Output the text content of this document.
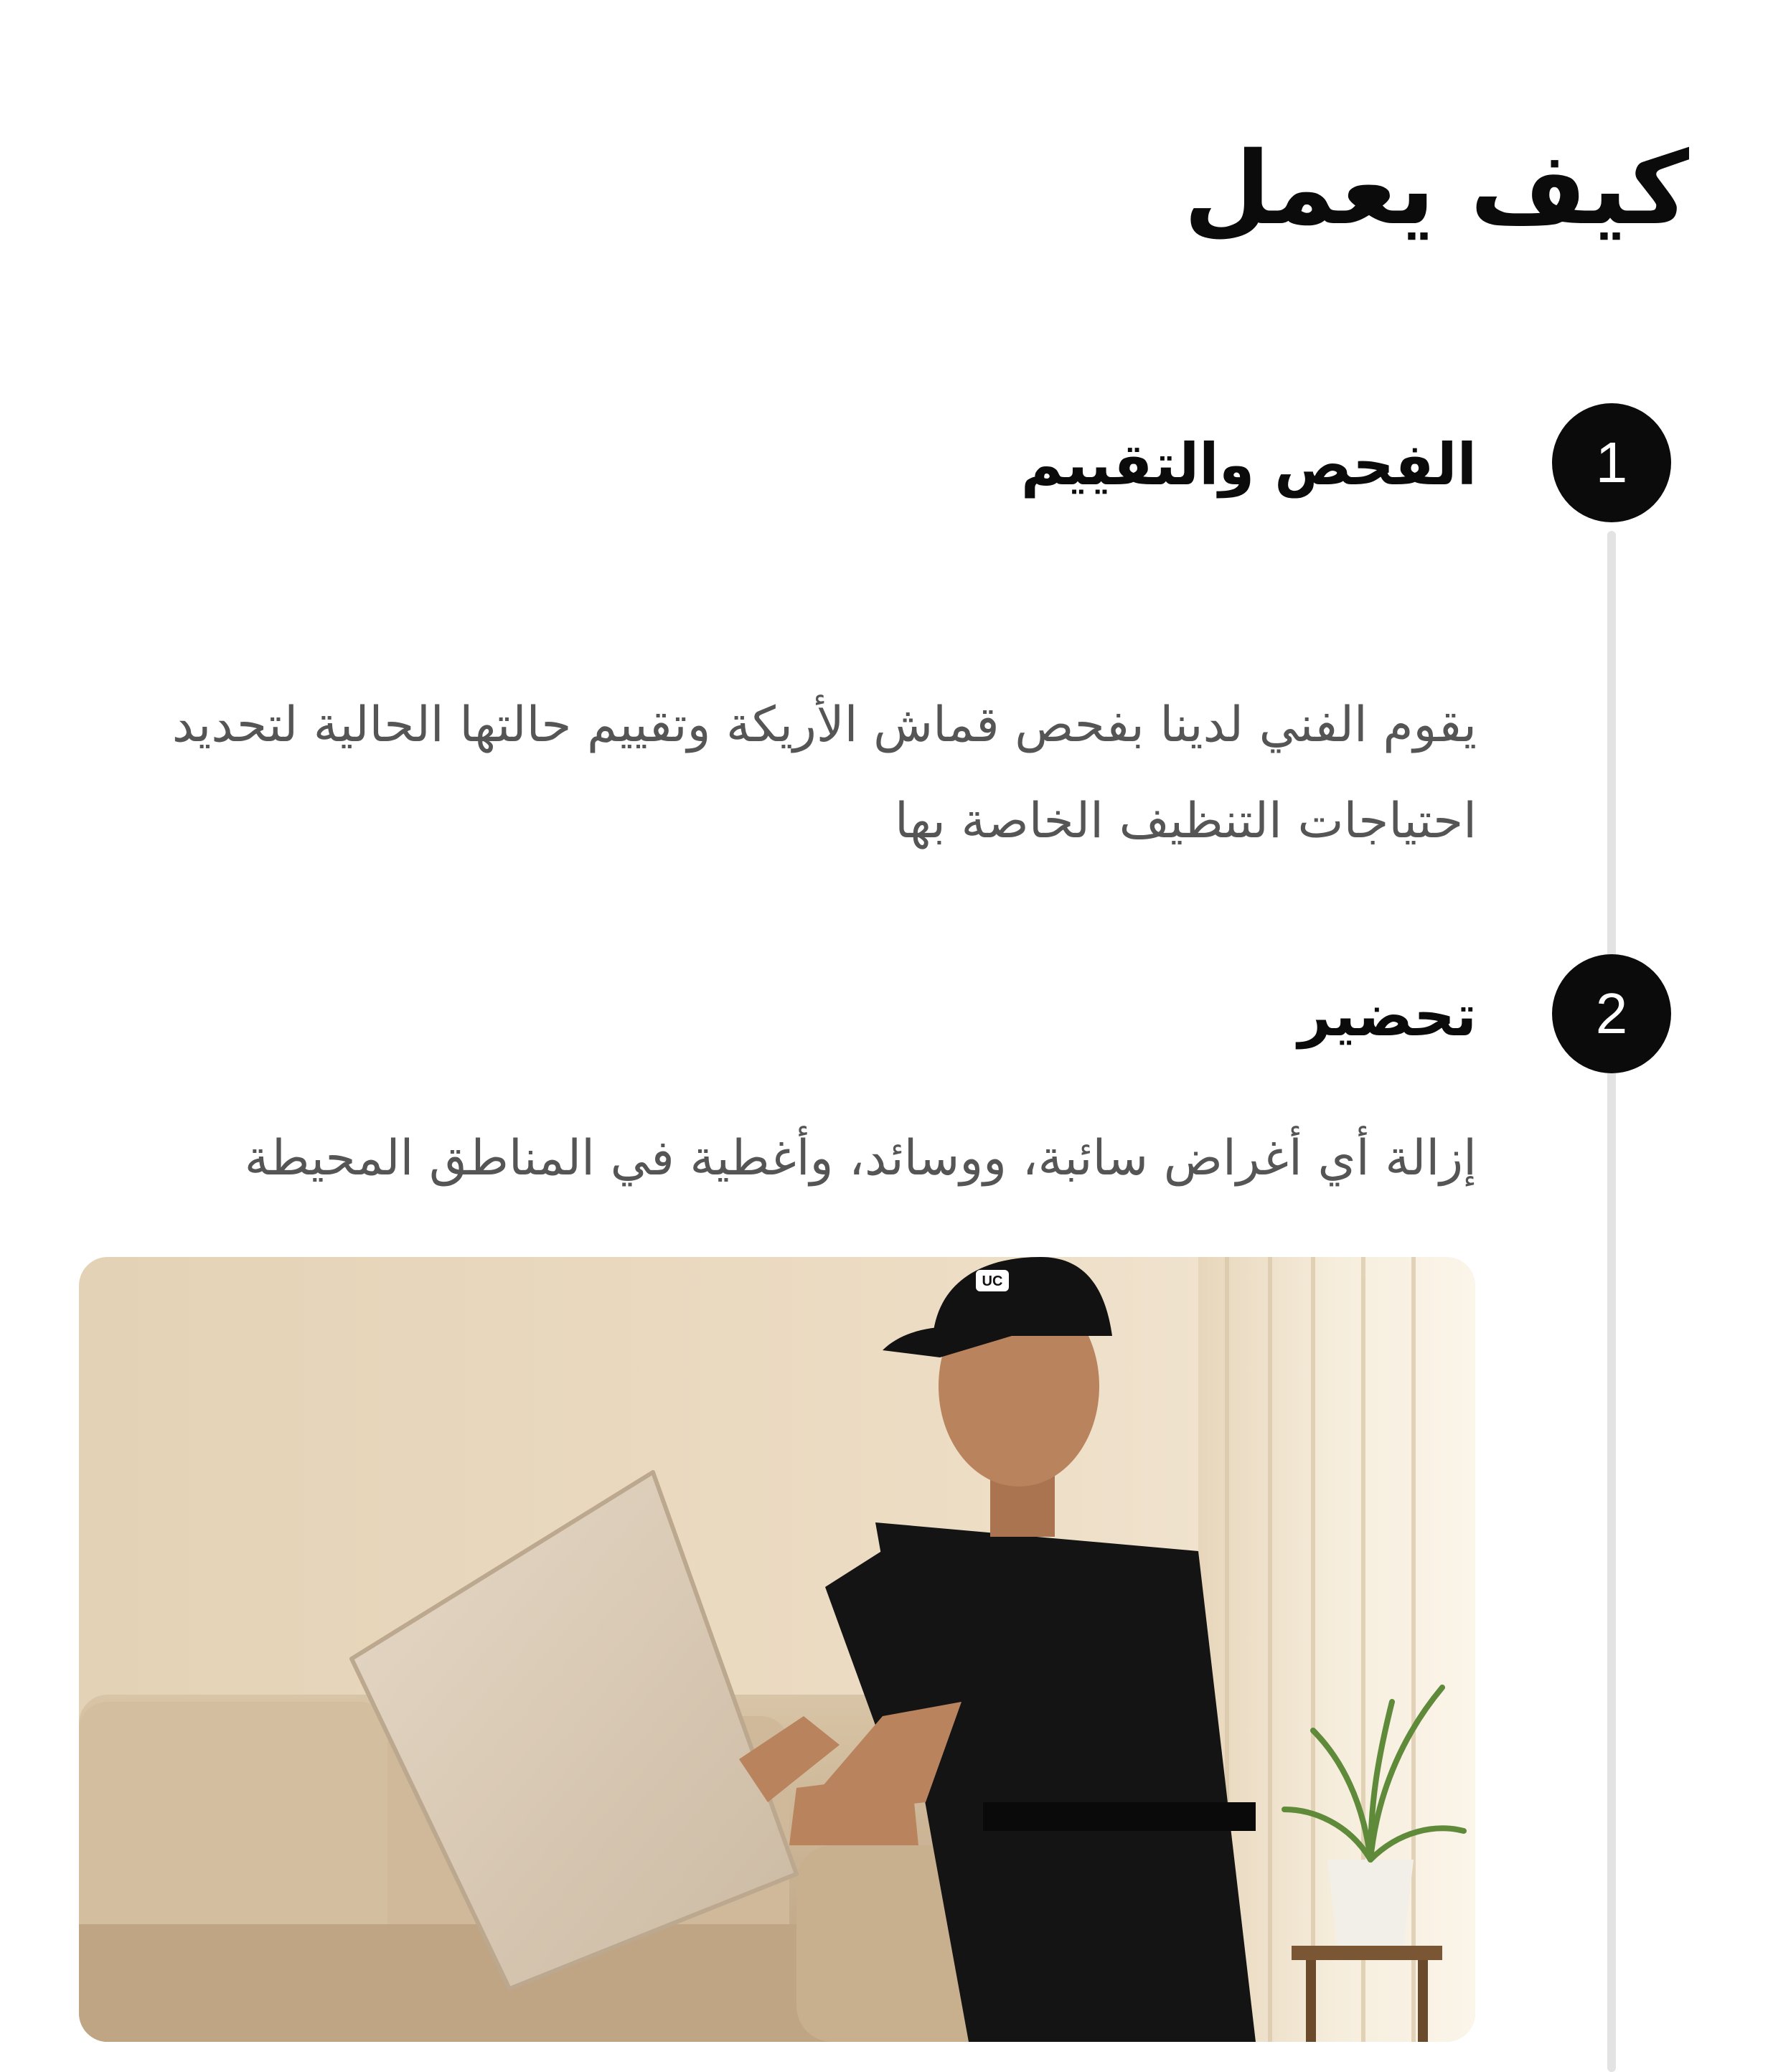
كيف يعمل
1
الفحص والتقييم

يقوم الفني لدينا بفحص قماش الأريكة وتقييم حالتها الحالية لتحديد احتياجات التنظيف الخاصة بها

2
تحضير

إزالة أي أغراض سائبة، ووسائد، وأغطية في المناطق المحيطة

UC
